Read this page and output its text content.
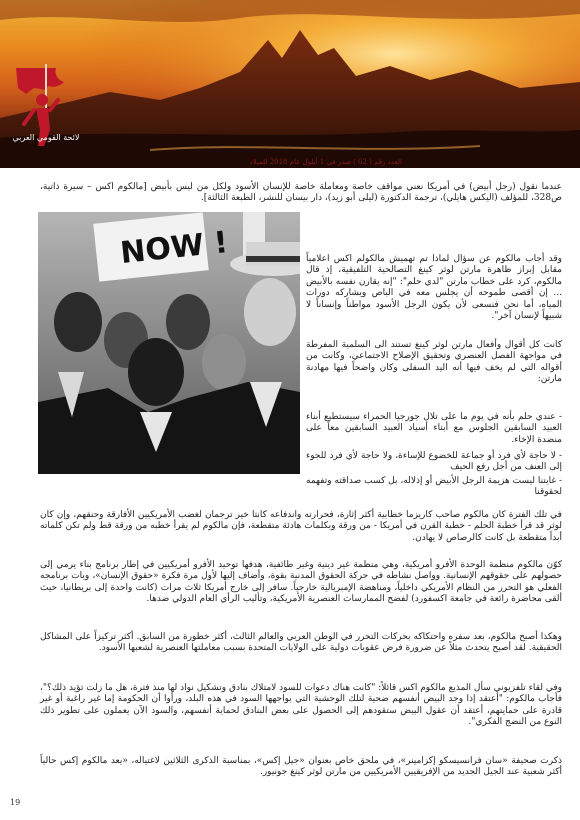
لائحة القومي العربي
العدد رقم ( 62 ) صدر في 1 أيلول عام 2018 للميلاد
NOW !
عندما نقول (رجل أبيض) في أمريكا نعني مواقف خاصة ومعاملة خاصة للإنسان الأسود ولكل من ليس بأبيض [مالكوم اكس – سيرة ذاتية، ص328، للمؤلف (اليكس هايلي)، ترجمة الدكتورة (ليلى أبو زيد)، دار بيسان للنشر، الطبعة الثالثة].
وقد أجاب مالكوم عن سؤال لماذا تم تهميش مالكولم اكس اعلامياً مقابل إبراز ظاهرة مارتن لوثر كينغ التصالحية التلفيقية، إذ قال مالكوم، كرد على خطاب مارتن "لدي حلم": "إنه يقارن نفسه بالأبيض ... إن أقصى طموحه أن يجلس معه في الباص ويشاركه دورات المياه، أما نحن فنسعى لأن يكون الرجل الأسود مواطناً وإنساناً لا شبيهاً لإنسان آخر".
كانت كل أقوال وأفعال مارتن لوثر كينغ تستند الى السلمية المفرطة في مواجهة الفصل العنصري وتحقيق الإصلاح الاجتماعي، وكانت من أقواله التي لم يخف فيها أنه اليد السفلى وكان واضحاً فيها مهادنة مارتن:
- عندي حلم بأنه في يوم ما على تلال جورجيا الحمراء سيستطيع أبناء العبيد السابقين الجلوس مع أبناء أسياد العبيد السابقين معاً على منضدة الإخاء.
- لا حاجة لأي فرد أو جماعة للخضوع للإساءة، ولا حاجة لأي فرد للجوء إلى العنف من أجل رفع الحيف
- غايتنا ليست هزيمة الرجل الأبيض أو إذلاله، بل كسب صداقته وتفهمه لحقوقنا
في تلك الفترة كان مالكوم صاحب كاريزما خطابية أكثر إثارة، فحرارته واندفاعه كانتا خير ترجمان لغضب الأمريكيين الأفارقة وحنقهم، وإن كان لوثر قد قرأ خطبة الحلم - خطبة القرن في أمريكا - من ورقة وبكلمات هادئة متقطعة، فإن مالكوم لم يقرأ خطبه من ورقة قط ولم تكن كلماته أبداً متقطعة بل كانت كالرصاص لا يهادن.
كوّن مالكوم منظمة الوحدة الأفرو أمريكية، وهي منظمة غير دينية وغير طائفية، هدفها توحيد الأفرو أمريكيين في إطار برنامج بناء يرمي إلى حصولهم على حقوقهم الإنسانية. وواصل نشاطه في حركة الحقوق المدنية بقوة، وأضاف إليها لأول مرة فكرة «حقوق الإنسان»، وبات برنامجه الفعلي هو التحرر من النظام الأمريكي داخلياً، ومناهضة الإمبريالية خارجياً. سافر إلى خارج أمريكا ثلاث مرات (كانت واحدة إلى بريطانيا، حيث ألقى محاضرة رائعة في جامعة اكسفورد) لفضح الممارسات العنصرية الأمريكية، وتأليب الرأي العام الدولي ضدها.
وهكذا أصبح مالكوم، بعد سفره واحتكاكه بحركات التحرر في الوطن العربي والعالم الثالث، أكثر خطورة من السابق. أكثر تركيزاً على المشاكل الحقيقية. لقد أصبح يتحدث مثلاً عن ضرورة فرض عقوبات دولية على الولايات المتحدة بسبب معاملتها العنصرية لشعبها الأسود.
وفي لقاء تلفزيوني سأل المذيع مالكوم اكس قائلاً: "كانت هناك دعوات للسود لامتلاك بنادق وتشكيل نواد لها منذ فترة، هل ما زلت تؤيد ذلك؟"، فأجاب مالكوم: "أعتقد إذا وجد البيض أنفسهم ضحية لتلك الوحشية التي يواجهها السود في هذه البلد، ورأوا أن الحكومة إما غير راغبة أو غير قادرة على حمايتهم، أعتقد أن عقول البيض ستقودهم إلى الحصول على بعض البنادق لحماية أنفسهم، والسود الآن يعملون على تطوير ذلك النوع من النضج الفكري".
ذكرت صحيفة «سان فرانسيسكو إكزامينر»، في ملحق خاص بعنوان «جيل إكس»، بمناسبة الذكرى الثلاثين لاغتياله، «يعد مالكوم إكس حالياً أكثر شعبية عند الجيل الجديد من الإفريقيين الأمريكيين من مارتن لوثر كينغ جونيور.
19
